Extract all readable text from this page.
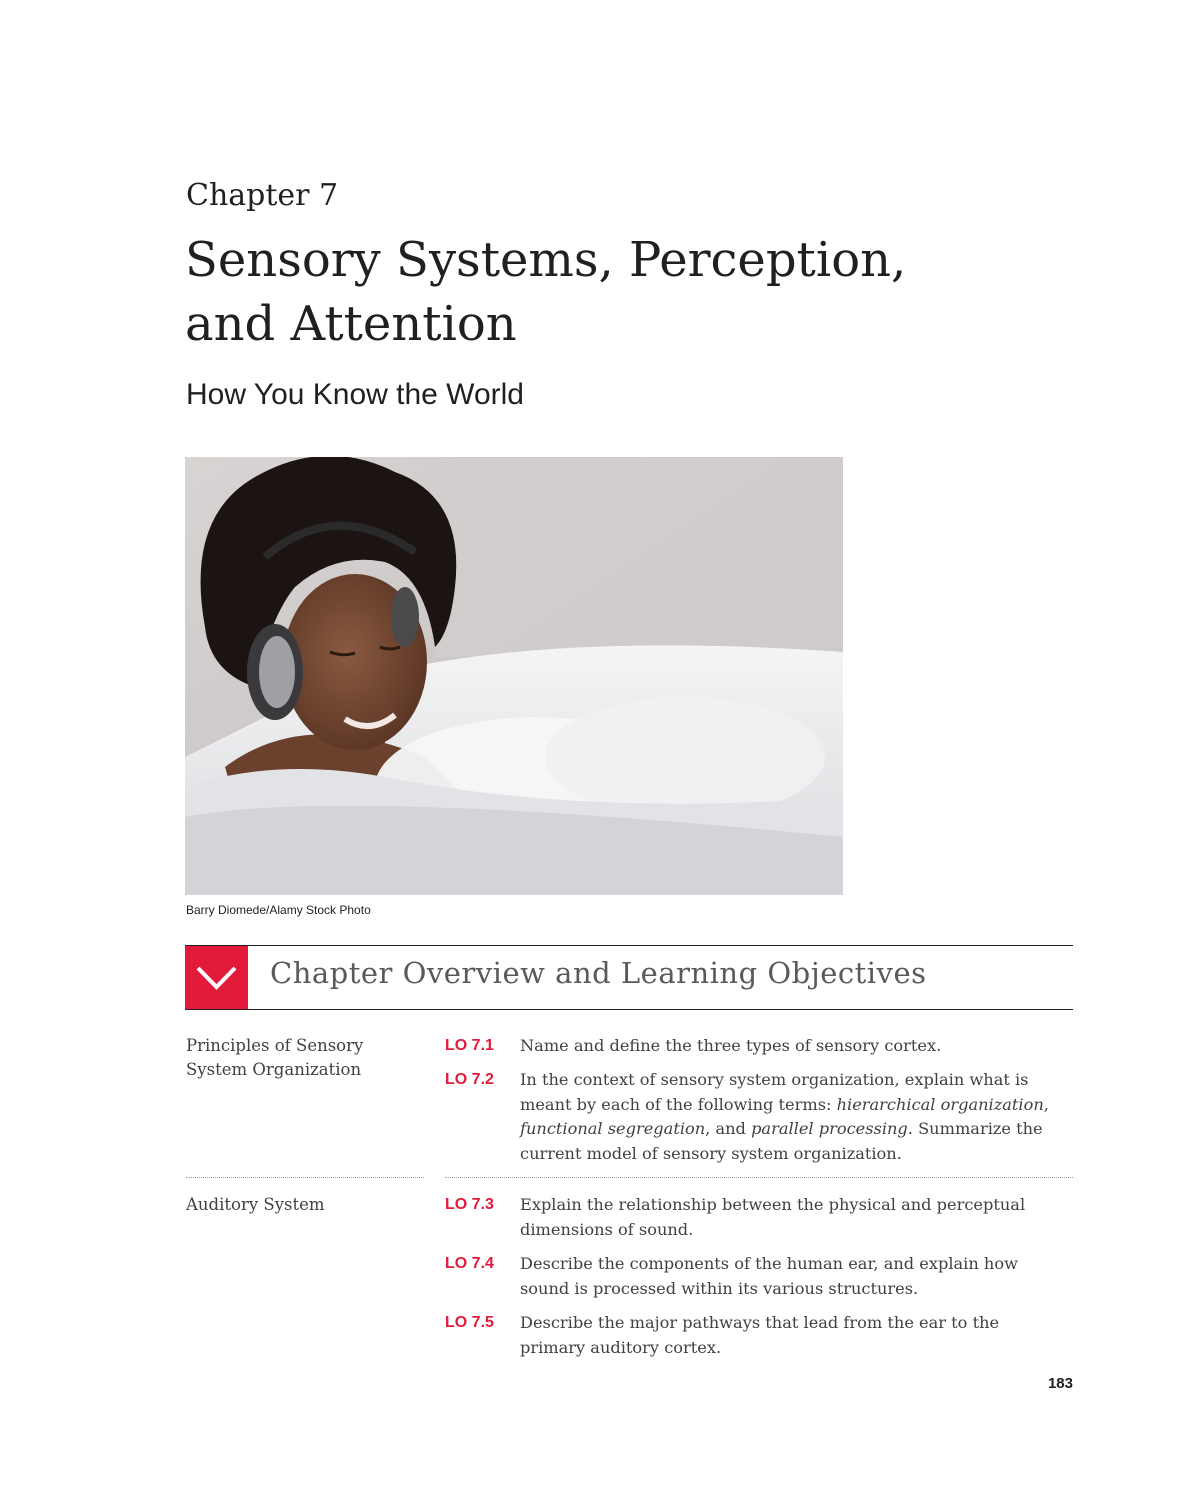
Chapter 7
Sensory Systems, Perception,
and Attention
How You Know the World
Barry Diomede/Alamy Stock Photo
Chapter Overview and Learning Objectives
Principles of Sensory
System Organization
LO 7.1 Name and define the three types of sensory cortex.
LO 7.2 In the context of sensory system organization, explain what is meant by each of the following terms: hierarchical organization, functional segregation, and parallel processing. Summarize the current model of sensory system organization.
Auditory System	LO 7.3 Explain the relationship between the physical and perceptual dimensions of sound.
LO 7.4 Describe the components of the human ear, and explain how sound is processed within its various structures.
LO 7.5 Describe the major pathways that lead from the ear to the primary auditory cortex.
183
